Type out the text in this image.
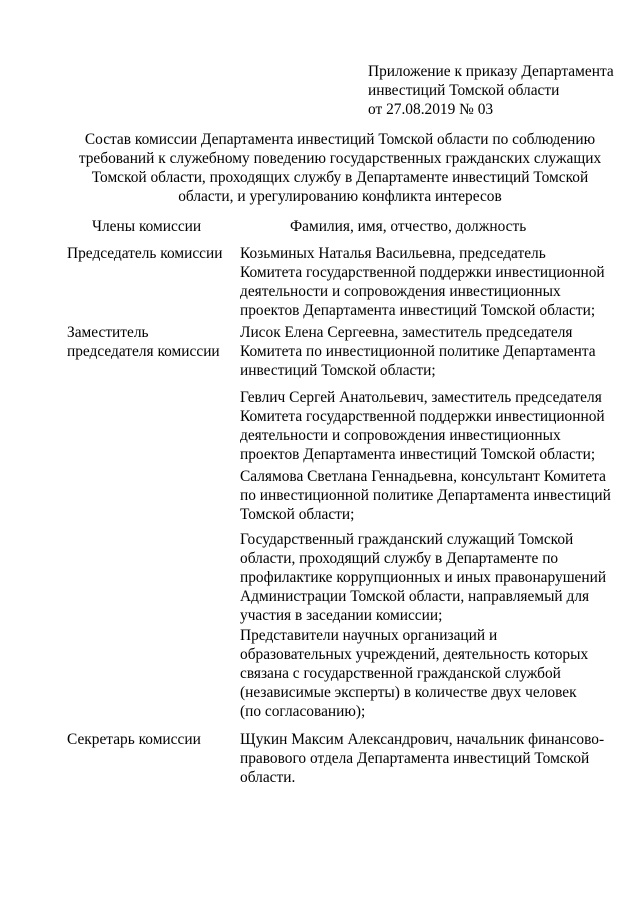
Приложение к приказу Департамента
инвестиций Томской области
от 27.08.2019 № 03
Состав комиссии Департамента инвестиций Томской области по соблюдению
требований к служебному поведению государственных гражданских служащих
Томской области, проходящих службу в Департаменте инвестиций Томской
области, и урегулированию конфликта интересов
Члены комиссии	Фамилия, имя, отчество, должность
Председатель комиссии
Заместитель
председателя комиссии
Секретарь комиссии
Козьминых Наталья Васильевна, председатель
Комитета государственной поддержки инвестиционной
деятельности и сопровождения инвестиционных
проектов Департамента инвестиций Томской области;
Лисок Елена Сергеевна, заместитель председателя
Комитета по инвестиционной политике Департамента
инвестиций Томской области;
Гевлич Сергей Анатольевич, заместитель председателя
Комитета государственной поддержки инвестиционной
деятельности и сопровождения инвестиционных
проектов Департамента инвестиций Томской области;
Салямова Светлана Геннадьевна, консультант Комитета
по инвестиционной политике Департамента инвестиций
Томской области;
Государственный гражданский служащий Томской
области, проходящий службу в Департаменте по
профилактике коррупционных и иных правонарушений
Администрации Томской области, направляемый для
участия в заседании комиссии;
Представители научных организаций и
образовательных учреждений, деятельность которых
связана с государственной гражданской службой
(независимые эксперты) в количестве двух человек
(по согласованию);
Щукин Максим Александрович, начальник финансово-
правового отдела Департамента инвестиций Томской
области.
